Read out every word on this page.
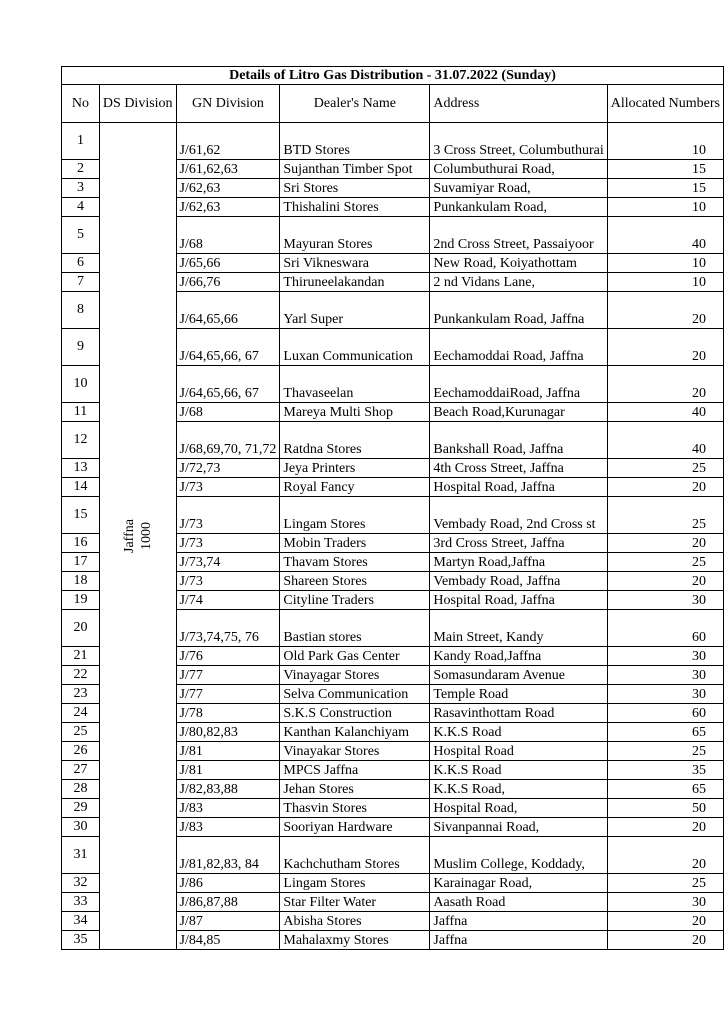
Details of Litro Gas Distribution - 31.07.2022 (Sunday)					
No	DS Division	GN Division	Dealer's Name	Address	Allocated Numbers
1	Jaffna 1000	J/61,62	BTD Stores	3 Cross Street, Columbuthurai	10
2		J/61,62,63	Sujanthan Timber Spot	Columbuthurai Road,	15
3		J/62,63	Sri Stores	Suvamiyar Road,	15
4		J/62,63	Thishalini Stores	Punkankulam Road,	10
5		J/68	Mayuran Stores	2nd Cross Street, Passaiyoor	40
6		J/65,66	Sri Vikneswara	New Road, Koiyathottam	10
7		J/66,76	Thiruneelakandan	2 nd Vidans Lane,	10
8		J/64,65,66	Yarl Super	Punkankulam Road, Jaffna	20
9		J/64,65,66, 67	Luxan Communication	Eechamoddai Road, Jaffna	20
10		J/64,65,66, 67	Thavaseelan	EechamoddaiRoad, Jaffna	20
11		J/68	Mareya Multi Shop	Beach Road,Kurunagar	40
12		J/68,69,70, 71,72	Ratdna Stores	Bankshall Road, Jaffna	40
13		J/72,73	Jeya Printers	4th Cross Street, Jaffna	25
14		J/73	Royal Fancy	Hospital Road, Jaffna	20
15		J/73	Lingam Stores	Vembady Road, 2nd Cross st	25
16		J/73	Mobin Traders	3rd Cross Street, Jaffna	20
17		J/73,74	Thavam Stores	Martyn Road,Jaffna	25
18		J/73	Shareen Stores	Vembady Road, Jaffna	20
19		J/74	Cityline Traders	Hospital Road, Jaffna	30
20		J/73,74,75, 76	Bastian stores	Main Street, Kandy	60
21		J/76	Old Park Gas Center	Kandy Road,Jaffna	30
22		J/77	Vinayagar Stores	Somasundaram Avenue	30
23		J/77	Selva Communication	Temple Road	30
24		J/78	S.K.S Construction	Rasavinthottam Road	60
25		J/80,82,83	Kanthan Kalanchiyam	K.K.S Road	65
26		J/81	Vinayakar Stores	Hospital Road	25
27		J/81	MPCS Jaffna	K.K.S Road	35
28		J/82,83,88	Jehan Stores	K.K.S Road,	65
29		J/83	Thasvin Stores	Hospital Road,	50
30		J/83	Sooriyan Hardware	Sivanpannai Road,	20
31		J/81,82,83, 84	Kachchutham Stores	Muslim College, Koddady,	20
32		J/86	Lingam Stores	Karainagar Road,	25
33		J/86,87,88	Star Filter Water	Aasath Road	30
34		J/87	Abisha Stores	Jaffna	20
35		J/84,85	Mahalaxmy Stores	Jaffna	20
